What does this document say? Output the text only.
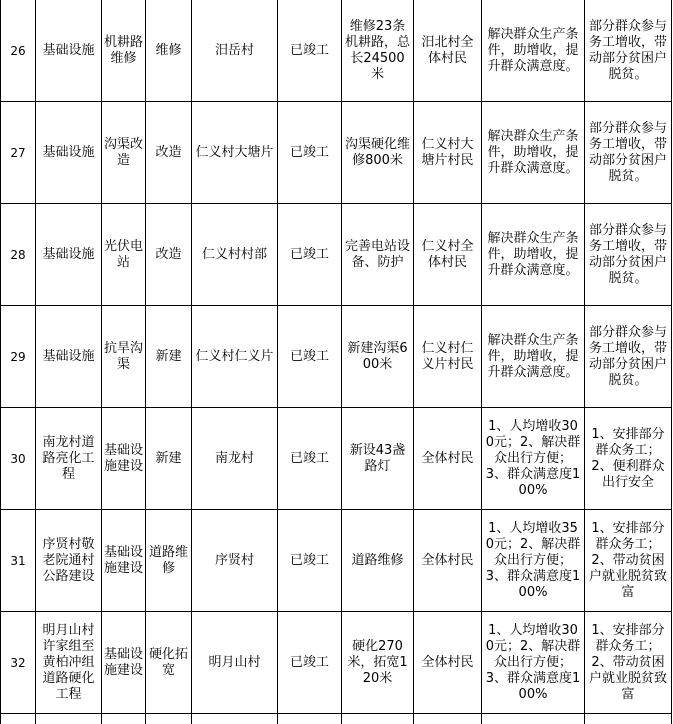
26	基础设施	机耕路维修	维修	汨岳村	已竣工	维修23条机耕路，总长24500米	汨北村全体村民	解决群众生产条件，助增收，提升群众满意度。	部分群众参与务工增收，带动部分贫困户脱贫。
27	基础设施	沟渠改造	改造	仁义村大塘片	已竣工	沟渠硬化维修800米	仁义村大塘片村民	解决群众生产条件，助增收，提升群众满意度。	部分群众参与务工增收，带动部分贫困户脱贫。
28	基础设施	光伏电站	改造	仁义村村部	已竣工	完善电站设备、防护	仁义村全体村民	解决群众生产条件，助增收，提升群众满意度。	部分群众参与务工增收，带动部分贫困户脱贫。
29	基础设施	抗旱沟渠	新建	仁义村仁义片	已竣工	新建沟渠600米	仁义村仁义片村民	解决群众生产条件，助增收，提升群众满意度。	部分群众参与务工增收，带动部分贫困户脱贫。
30	南龙村道路亮化工程	基础设施建设	新建	南龙村	已竣工	新设43盏路灯	全体村民	1、人均增收300元；2、解决群众出行方便；3、群众满意度100%	1、安排部分群众务工；2、便利群众出行安全
31	序贤村敬老院通村公路建设	基础设施建设	道路维修	序贤村	已竣工	道路维修	全体村民	1、人均增收350元；2、解决群众出行方便；3、群众满意度100%	1、安排部分群众务工；2、带动贫困户就业脱贫致富
32	明月山村许家组至黄柏冲组道路硬化工程	基础设施建设	硬化拓宽	明月山村	已竣工	硬化270米，拓宽120米	全体村民	1、人均增收300元；2、解决群众出行方便；3、群众满意度100%	1、安排部分群众务工；2、带动贫困户就业脱贫致富
